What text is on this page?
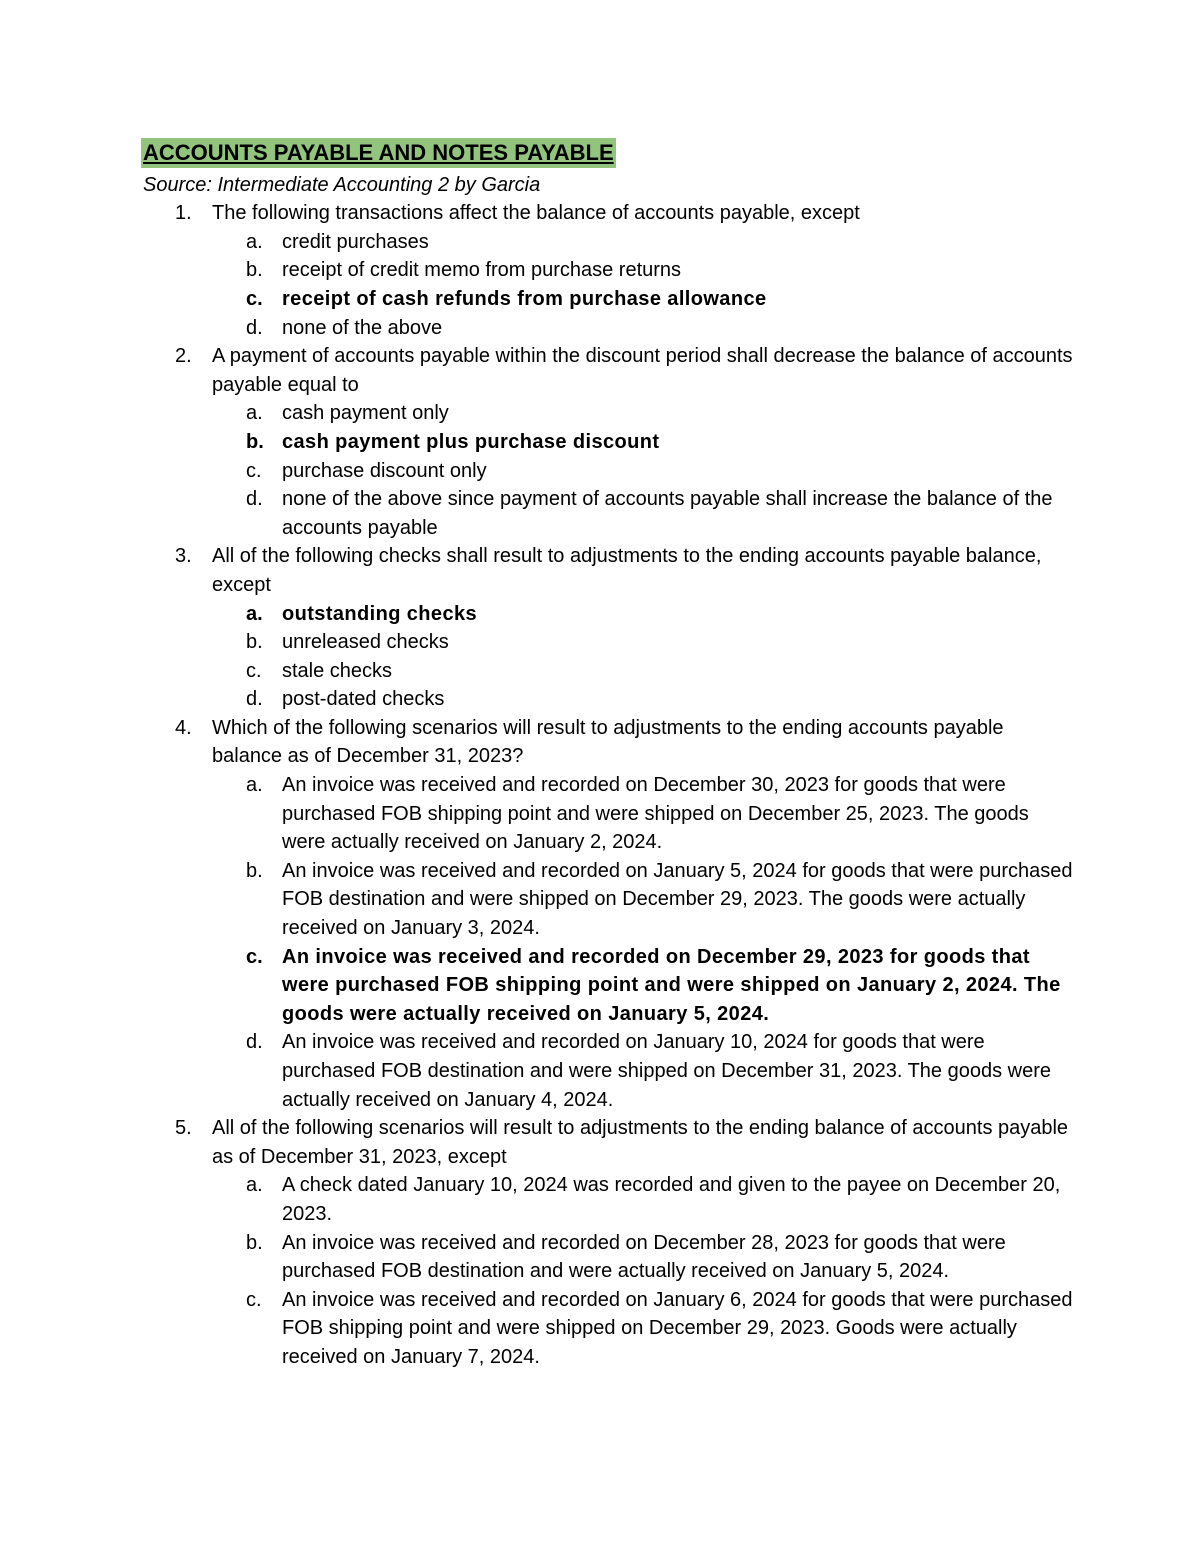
ACCOUNTS PAYABLE AND NOTES PAYABLE
Source: Intermediate Accounting 2 by Garcia
1. The following transactions affect the balance of accounts payable, except
a. credit purchases
b. receipt of credit memo from purchase returns
c. receipt of cash refunds from purchase allowance
d. none of the above
2. A payment of accounts payable within the discount period shall decrease the balance of accounts payable equal to
a. cash payment only
b. cash payment plus purchase discount
c. purchase discount only
d. none of the above since payment of accounts payable shall increase the balance of the accounts payable
3. All of the following checks shall result to adjustments to the ending accounts payable balance, except
a. outstanding checks
b. unreleased checks
c. stale checks
d. post-dated checks
4. Which of the following scenarios will result to adjustments to the ending accounts payable balance as of December 31, 2023?
a. An invoice was received and recorded on December 30, 2023 for goods that were purchased FOB shipping point and were shipped on December 25, 2023. The goods were actually received on January 2, 2024.
b. An invoice was received and recorded on January 5, 2024 for goods that were purchased FOB destination and were shipped on December 29, 2023. The goods were actually received on January 3, 2024.
c. An invoice was received and recorded on December 29, 2023 for goods that were purchased FOB shipping point and were shipped on January 2, 2024. The goods were actually received on January 5, 2024.
d. An invoice was received and recorded on January 10, 2024 for goods that were purchased FOB destination and were shipped on December 31, 2023. The goods were actually received on January 4, 2024.
5. All of the following scenarios will result to adjustments to the ending balance of accounts payable as of December 31, 2023, except
a. A check dated January 10, 2024 was recorded and given to the payee on December 20, 2023.
b. An invoice was received and recorded on December 28, 2023 for goods that were purchased FOB destination and were actually received on January 5, 2024.
c. An invoice was received and recorded on January 6, 2024 for goods that were purchased FOB shipping point and were shipped on December 29, 2023. Goods were actually received on January 7, 2024.
